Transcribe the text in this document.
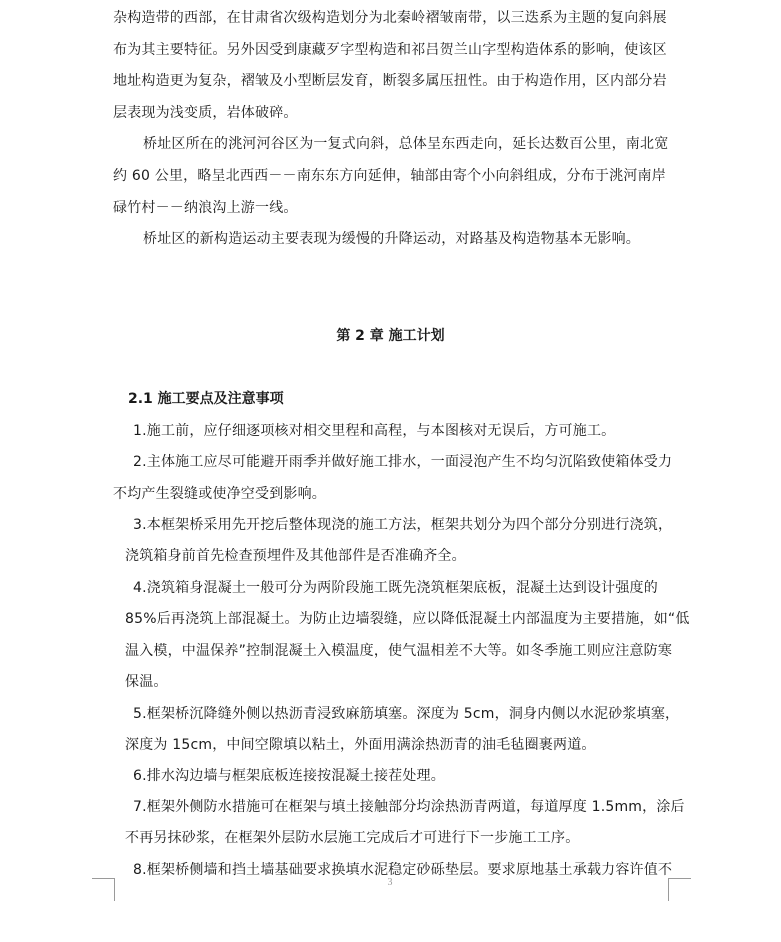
杂构造带的西部，在甘肃省次级构造划分为北秦岭褶皱南带，以三迭系为主题的复向斜展
布为其主要特征。另外因受到康藏歹字型构造和祁吕贺兰山字型构造体系的影响，使该区
地址构造更为复杂，褶皱及小型断层发育，断裂多属压扭性。由于构造作用，区内部分岩
层表现为浅变质，岩体破碎。
桥址区所在的洮河河谷区为一复式向斜，总体呈东西走向，延长达数百公里，南北宽
约 60 公里，略呈北西西－－南东东方向延伸，轴部由寄个小向斜组成，分布于洮河南岸
碌竹村－－纳浪沟上游一线。
桥址区的新构造运动主要表现为缓慢的升降运动，对路基及构造物基本无影响。
第 2 章 施工计划
2.1 施工要点及注意事项
1.施工前，应仔细逐项核对相交里程和高程，与本图核对无误后，方可施工。
2.主体施工应尽可能避开雨季并做好施工排水，一面浸泡产生不均匀沉陷致使箱体受力
不均产生裂缝或使净空受到影响。
3.本框架桥采用先开挖后整体现浇的施工方法，框架共划分为四个部分分别进行浇筑，
浇筑箱身前首先检查预埋件及其他部件是否准确齐全。
4.浇筑箱身混凝土一般可分为两阶段施工既先浇筑框架底板，混凝土达到设计强度的
85%后再浇筑上部混凝土。为防止边墙裂缝，应以降低混凝土内部温度为主要措施，如“低
温入模，中温保养”控制混凝土入模温度，使气温相差不大等。如冬季施工则应注意防寒
保温。
5.框架桥沉降缝外侧以热沥青浸致麻筋填塞。深度为 5cm，洞身内侧以水泥砂浆填塞，
深度为 15cm，中间空隙填以粘土，外面用满涂热沥青的油毛毡圈裹两道。
6.排水沟边墙与框架底板连接按混凝土接茬处理。
7.框架外侧防水措施可在框架与填土接触部分均涂热沥青两道，每道厚度 1.5mm，涂后
不再另抹砂浆，在框架外层防水层施工完成后才可进行下一步施工工序。
8.框架桥侧墙和挡土墙基础要求换填水泥稳定砂砾垫层。要求原地基土承载力容许值不
3
